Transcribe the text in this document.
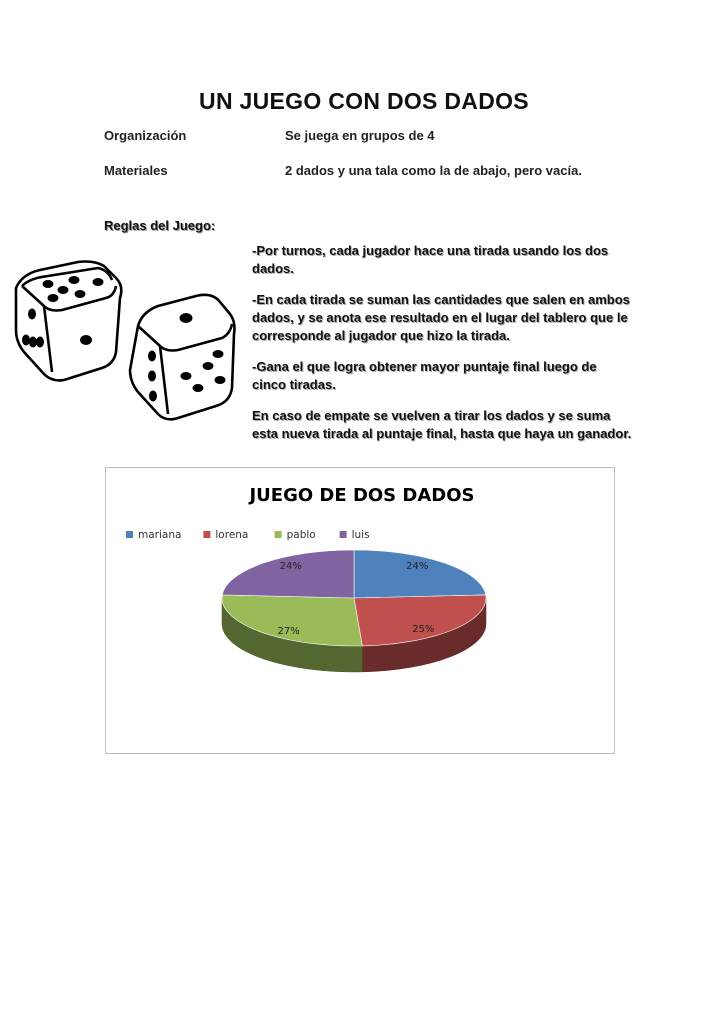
UN JUEGO CON DOS DADOS
Organización	Se juega en grupos de 4
Materiales	2 dados y una tala como la de abajo, pero vacía.
Reglas del Juego:

-Por turnos, cada jugador hace una tirada usando los dos dados.

-En cada tirada se suman las cantidades que salen en ambos dados, y se anota ese resultado en el lugar del tablero que le corresponde al jugador que hizo la tirada.

-Gana el que logra obtener mayor puntaje final luego de cinco tiradas.

En caso de empate se vuelven a tirar los dados y se suma esta nueva tirada al puntaje final, hasta que haya un ganador.

JUEGO DE DOS DADOS
mariana	lorena	pablo	luis
24%
25%
27%
24%
